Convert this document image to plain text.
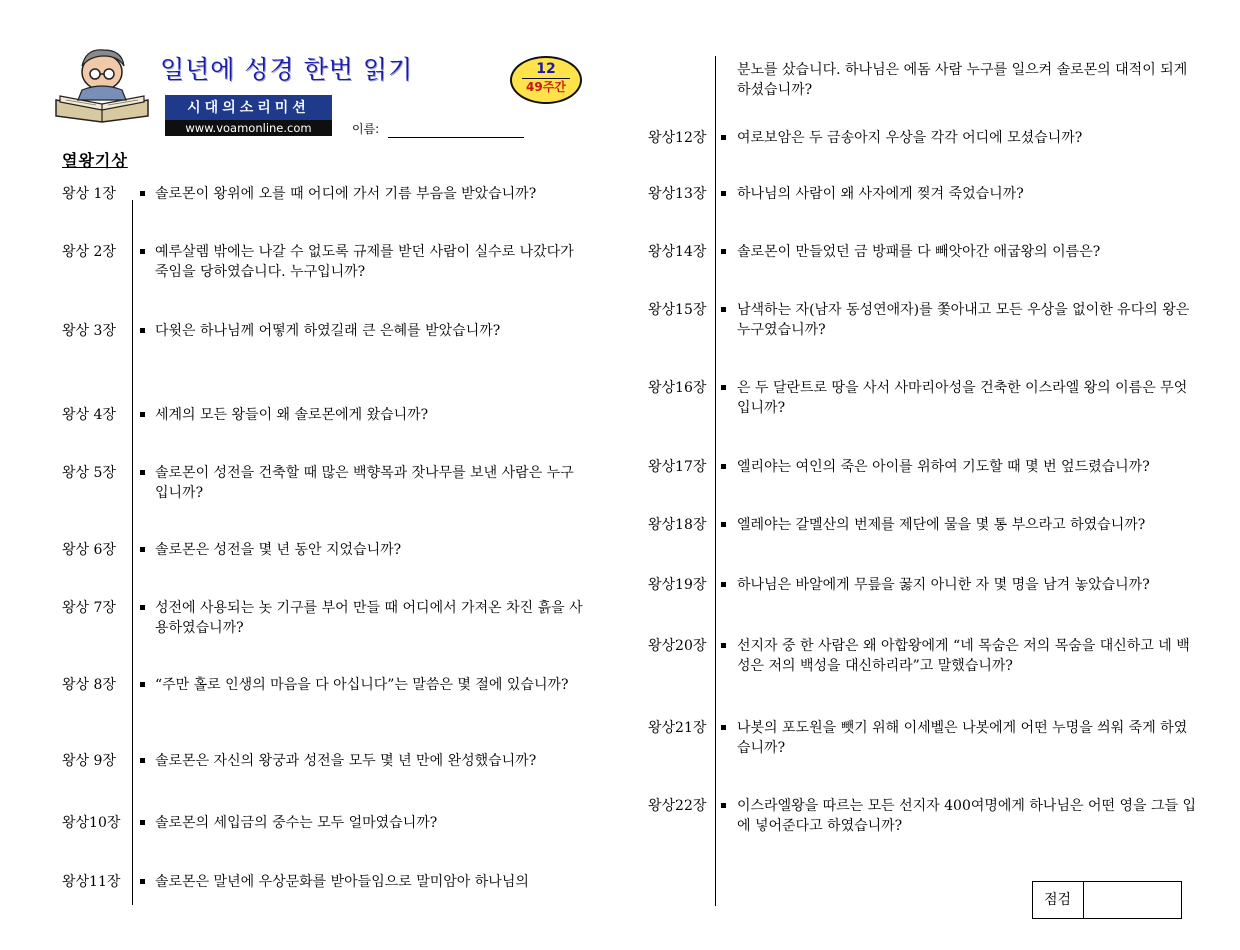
일년에 성경 한번 읽기	12
49주간
시대의소리미션
www.voamonline.com	이름:
열왕기상
왕상 1장	솔로몬이 왕위에 오를 때 어디에 가서 기름 부음을 받았습니까?
왕상 2장	예루살렘 밖에는 나갈 수 없도록 규제를 받던 사람이 실수로 나갔다가 죽임을 당하였습니다. 누구입니까?
왕상 3장	다윗은 하나님께 어떻게 하였길래 큰 은혜를 받았습니까?
왕상 4장	세계의 모든 왕들이 왜 솔로몬에게 왔습니까?
왕상 5장	솔로몬이 성전을 건축할 때 많은 백향목과 잣나무를 보낸 사람은 누구입니까?
왕상 6장	솔로몬은 성전을 몇 년 동안 지었습니까?
왕상 7장	성전에 사용되는 놋 기구를 부어 만들 때 어디에서 가져온 차진 흙을 사용하였습니까?
왕상 8장	“주만 홀로 인생의 마음을 다 아십니다”는 말씀은 몇 절에 있습니까?
왕상 9장	솔로몬은 자신의 왕궁과 성전을 모두 몇 년 만에 완성했습니까?
왕상10장	솔로몬의 세입금의 중수는 모두 얼마였습니까?
왕상11장	솔로몬은 말년에 우상문화를 받아들임으로 말미암아 하나님의
분노를 샀습니다. 하나님은 에돔 사람 누구를 일으켜 솔로몬의 대적이 되게 하셨습니까?
왕상12장	여로보암은 두 금송아지 우상을 각각 어디에 모셨습니까?
왕상13장	하나님의 사람이 왜 사자에게 찢겨 죽었습니까?
왕상14장	솔로몬이 만들었던 금 방패를 다 빼앗아간 애굽왕의 이름은?
왕상15장	남색하는 자(남자 동성연애자)를 쫓아내고 모든 우상을 없이한 유다의 왕은 누구였습니까?
왕상16장	은 두 달란트로 땅을 사서 사마리아성을 건축한 이스라엘 왕의 이름은 무엇입니까?
왕상17장	엘리야는 여인의 죽은 아이를 위하여 기도할 때 몇 번 엎드렸습니까?
왕상18장	엘레야는 갈멜산의 번제를 제단에 물을 몇 통 부으라고 하였습니까?
왕상19장	하나님은 바알에게 무릎을 꿇지 아니한 자 몇 명을 남겨 놓았습니까?
왕상20장	선지자 중 한 사람은 왜 아합왕에게 “네 목숨은 저의 목숨을 대신하고 네 백성은 저의 백성을 대신하리라”고 말했습니까?
왕상21장	나봇의 포도원을 뺏기 위해 이세벨은 나봇에게 어떤 누명을 씌워 죽게 하였습니까?
왕상22장	이스라엘왕을 따르는 모든 선지자 400여명에게 하나님은 어떤 영을 그들 입에 넣어준다고 하였습니까?
점검
